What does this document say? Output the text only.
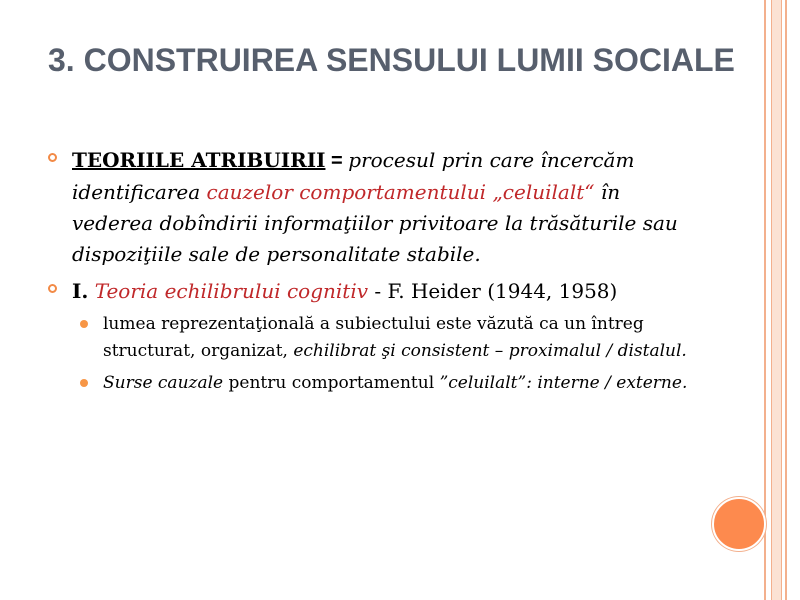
3. CONSTRUIREA SENSULUI LUMII SOCIALE
TEORIILE ATRIBUIRII = procesul prin care încercăm identificarea cauzelor comportamentului „celuilalt“ în vederea dobîndirii informaţiilor privitoare la trăsăturile sau dispoziţiile sale de personalitate stabile.
I. Teoria echilibrului cognitiv - F. Heider (1944, 1958)
lumea reprezentaţională a subiectului este văzută ca un întreg structurat, organizat, echilibrat şi consistent – proximalul / distalul.
Surse cauzale pentru comportamentul ”celuilalt”: interne / externe.
